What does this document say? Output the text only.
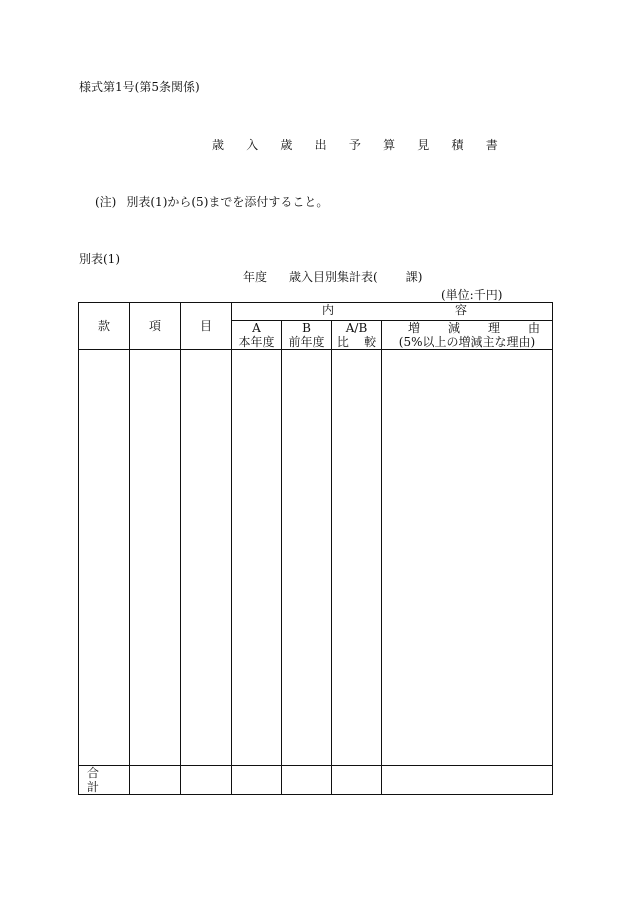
様式第1号(第5条関係)
歳 入 歳 出 予 算 見 積 書
(注) 別表(1)から(5)までを添付すること。
別表(1)
年度 歳入目別集計表( 課)
(単位:千円)
款	項	目	内 容			

			A	B	A/B	増 減 理 由

			本年度	前年度	比 較	(5%以上の増減主な理由)

合 計						
